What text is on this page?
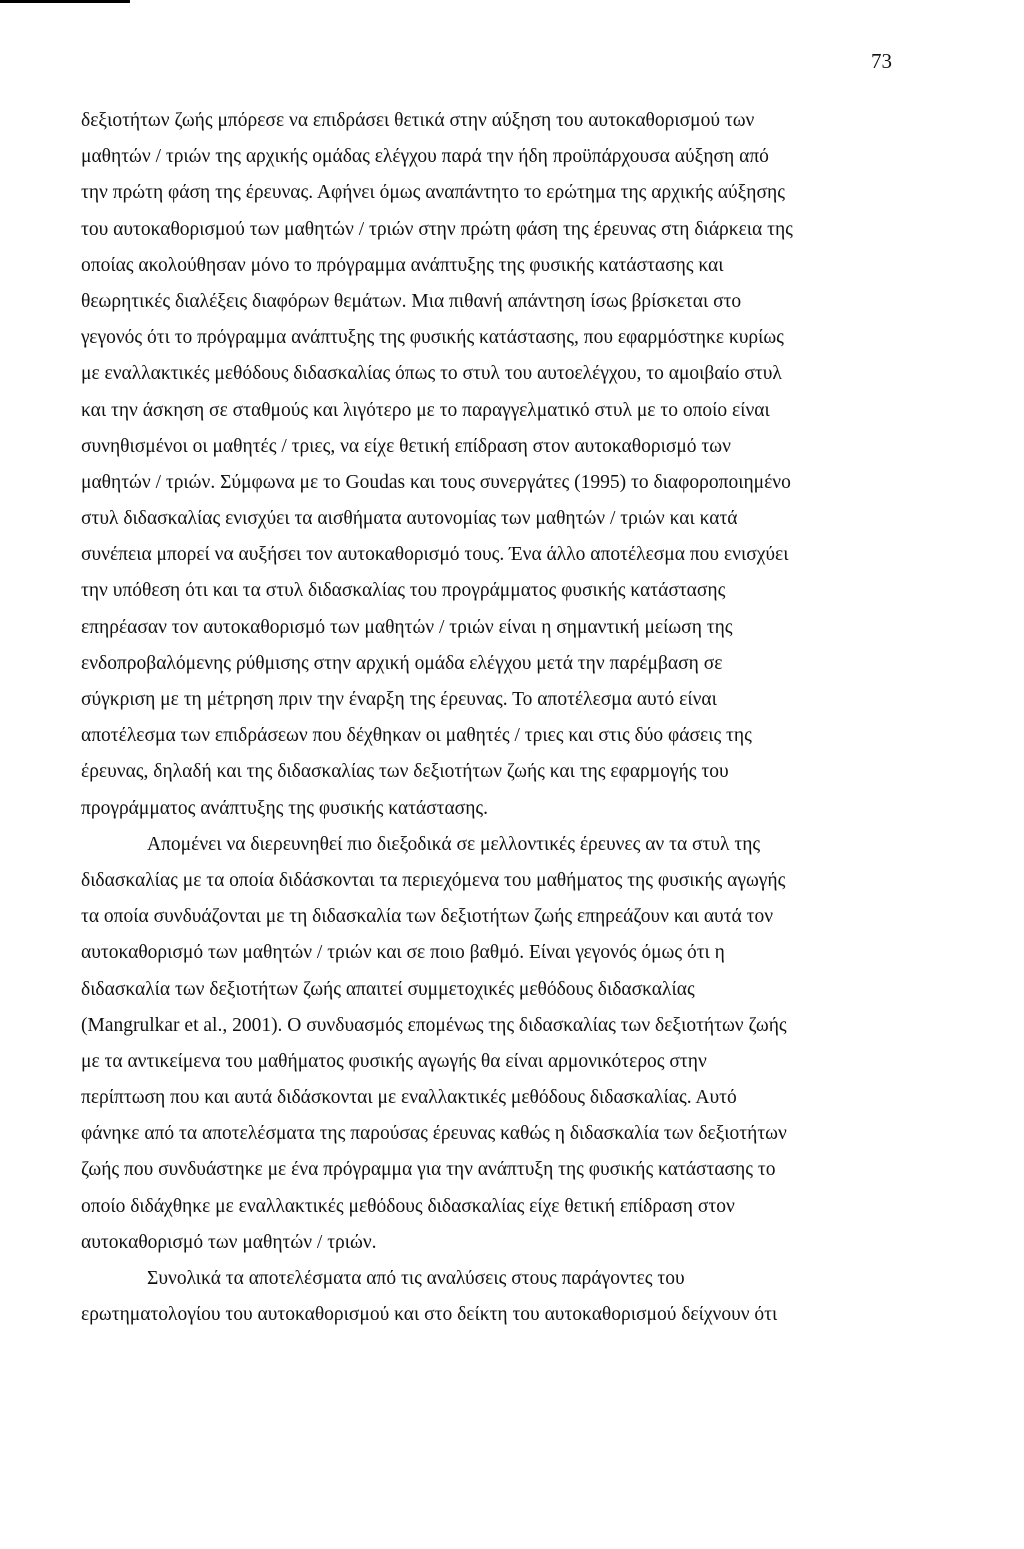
73
δεξιοτήτων ζωής μπόρεσε να επιδράσει θετικά στην αύξηση του αυτοκαθορισμού των
μαθητών / τριών της αρχικής ομάδας ελέγχου παρά την ήδη προϋπάρχουσα αύξηση από
την πρώτη φάση της έρευνας. Αφήνει όμως αναπάντητο το ερώτημα της αρχικής αύξησης
του αυτοκαθορισμού των μαθητών / τριών στην πρώτη φάση της έρευνας στη διάρκεια της
οποίας ακολούθησαν μόνο το πρόγραμμα ανάπτυξης της φυσικής κατάστασης και
θεωρητικές διαλέξεις διαφόρων θεμάτων. Μια πιθανή απάντηση ίσως βρίσκεται στο
γεγονός ότι το πρόγραμμα ανάπτυξης της φυσικής κατάστασης, που εφαρμόστηκε κυρίως
με εναλλακτικές μεθόδους διδασκαλίας όπως το στυλ του αυτοελέγχου, το αμοιβαίο στυλ
και την άσκηση σε σταθμούς και λιγότερο με το παραγγελματικό στυλ με το οποίο είναι
συνηθισμένοι οι μαθητές / τριες, να είχε θετική επίδραση στον αυτοκαθορισμό των
μαθητών / τριών. Σύμφωνα με το Goudas και τους συνεργάτες (1995) το διαφοροποιημένο
στυλ διδασκαλίας ενισχύει τα αισθήματα αυτονομίας των μαθητών / τριών και κατά
συνέπεια μπορεί να αυξήσει τον αυτοκαθορισμό τους. Ένα άλλο αποτέλεσμα που ενισχύει
την υπόθεση ότι και τα στυλ διδασκαλίας του προγράμματος φυσικής κατάστασης
επηρέασαν τον αυτοκαθορισμό των μαθητών / τριών είναι η σημαντική μείωση της
ενδοπροβαλόμενης ρύθμισης στην αρχική ομάδα ελέγχου μετά την παρέμβαση σε
σύγκριση με τη μέτρηση πριν την έναρξη της έρευνας. Το αποτέλεσμα αυτό είναι
αποτέλεσμα των επιδράσεων που δέχθηκαν οι μαθητές / τριες και στις δύο φάσεις της
έρευνας, δηλαδή και της διδασκαλίας των δεξιοτήτων ζωής και της εφαρμογής του
προγράμματος ανάπτυξης της φυσικής κατάστασης.
Απομένει να διερευνηθεί πιο διεξοδικά σε μελλοντικές έρευνες αν τα στυλ της
διδασκαλίας με τα οποία διδάσκονται τα περιεχόμενα του μαθήματος της φυσικής αγωγής
τα οποία συνδυάζονται με τη διδασκαλία των δεξιοτήτων ζωής επηρεάζουν και αυτά τον
αυτοκαθορισμό των μαθητών / τριών και σε ποιο βαθμό. Είναι γεγονός όμως ότι η
διδασκαλία των δεξιοτήτων ζωής απαιτεί συμμετοχικές μεθόδους διδασκαλίας
(Mangrulkar et al., 2001). Ο συνδυασμός επομένως της διδασκαλίας των δεξιοτήτων ζωής
με τα αντικείμενα του μαθήματος φυσικής αγωγής θα είναι αρμονικότερος στην
περίπτωση που και αυτά διδάσκονται με εναλλακτικές μεθόδους διδασκαλίας. Αυτό
φάνηκε από τα αποτελέσματα της παρούσας έρευνας καθώς η διδασκαλία των δεξιοτήτων
ζωής που συνδυάστηκε με ένα πρόγραμμα για την ανάπτυξη της φυσικής κατάστασης το
οποίο διδάχθηκε με εναλλακτικές μεθόδους διδασκαλίας είχε θετική επίδραση στον
αυτοκαθορισμό των μαθητών / τριών.
Συνολικά τα αποτελέσματα από τις αναλύσεις στους παράγοντες του
ερωτηματολογίου του αυτοκαθορισμού και στο δείκτη του αυτοκαθορισμού δείχνουν ότι
